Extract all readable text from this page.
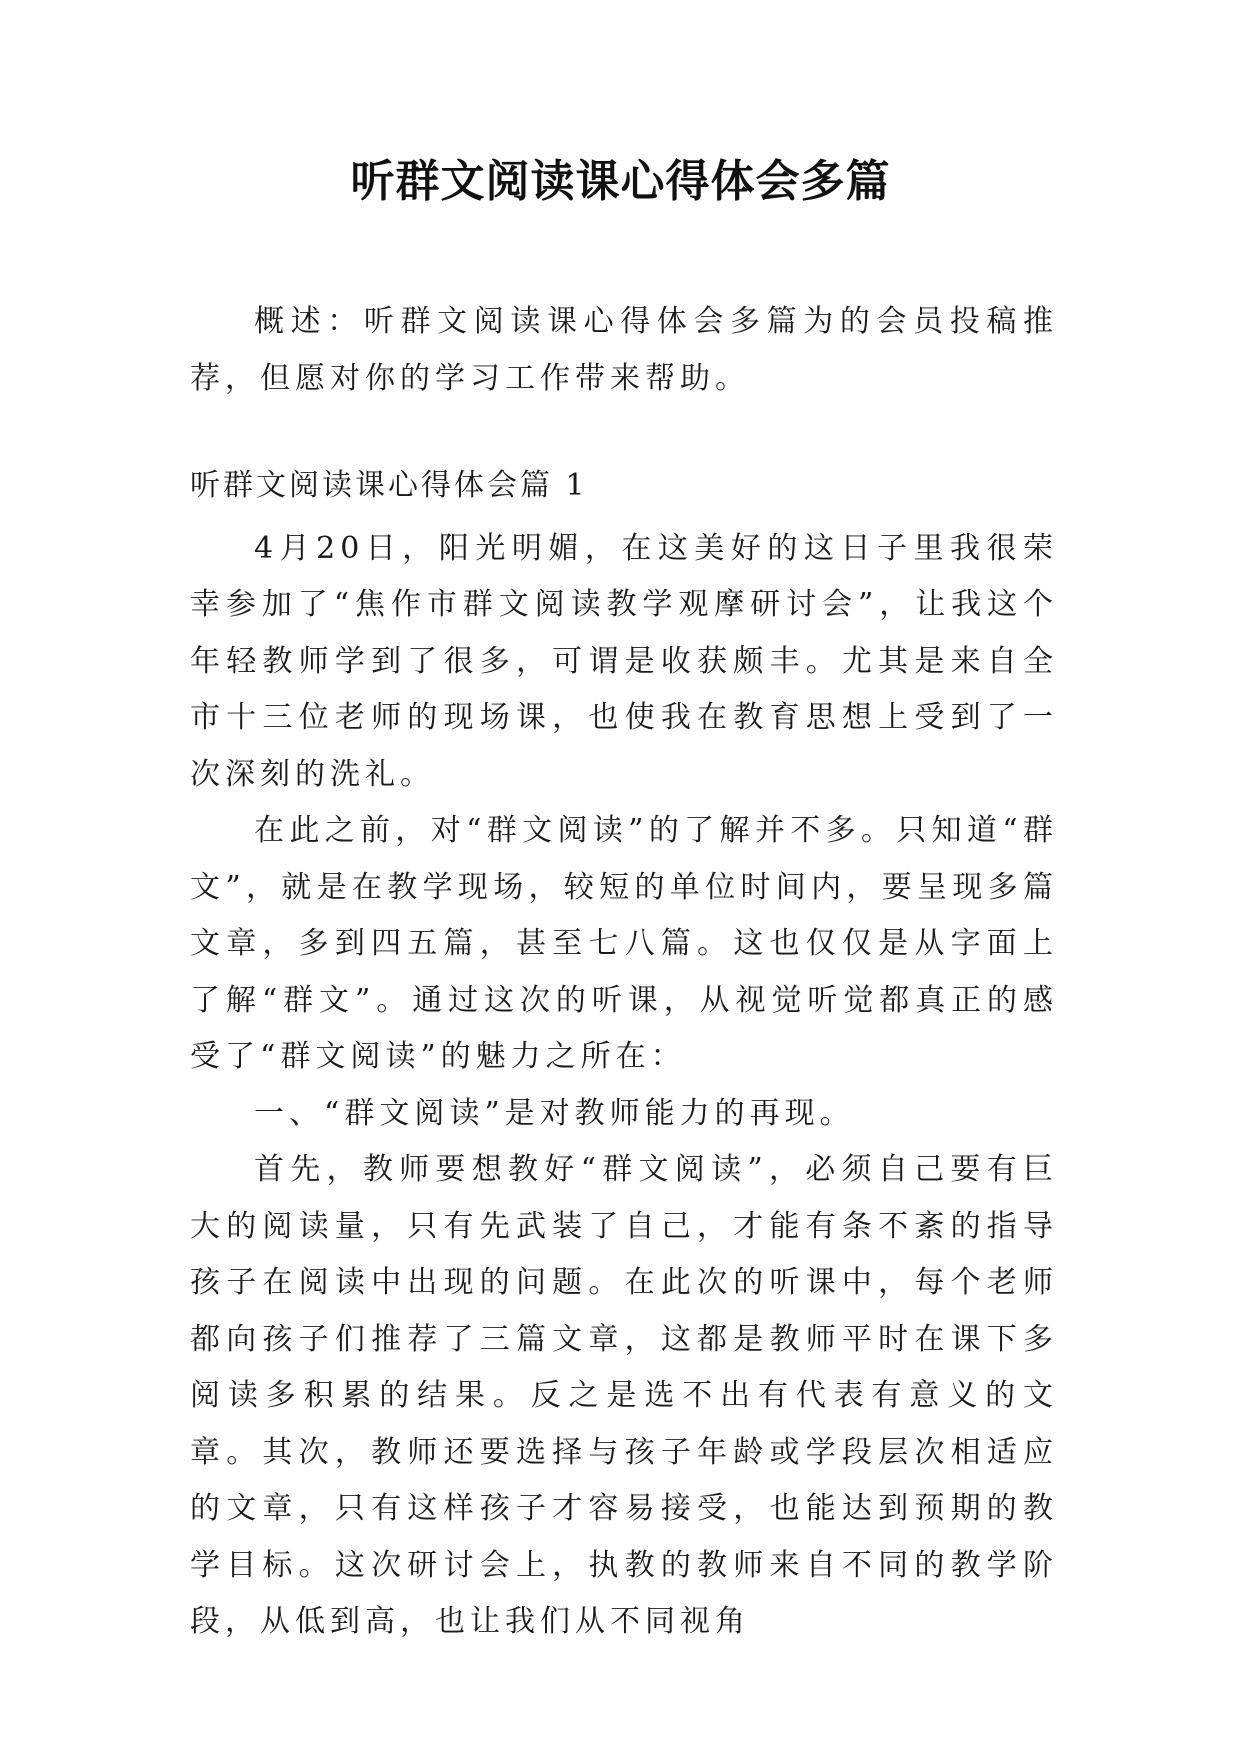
听群文阅读课心得体会多篇

概述：听群文阅读课心得体会多篇为的会员投稿推荐，但愿对你的学习工作带来帮助。

听群文阅读课心得体会篇 1

4月20日，阳光明媚，在这美好的这日子里我很荣幸参加了“焦作市群文阅读教学观摩研讨会”，让我这个年轻教师学到了很多，可谓是收获颇丰。尤其是来自全市十三位老师的现场课，也使我在教育思想上受到了一次深刻的洗礼。

在此之前，对“群文阅读”的了解并不多。只知道“群文”，就是在教学现场，较短的单位时间内，要呈现多篇文章，多到四五篇，甚至七八篇。这也仅仅是从字面上了解“群文”。通过这次的听课，从视觉听觉都真正的感受了“群文阅读”的魅力之所在：

一、“群文阅读”是对教师能力的再现。

首先，教师要想教好“群文阅读”，必须自己要有巨大的阅读量，只有先武装了自己，才能有条不紊的指导孩子在阅读中出现的问题。在此次的听课中，每个老师都向孩子们推荐了三篇文章，这都是教师平时在课下多阅读多积累的结果。反之是选不出有代表有意义的文章。其次，教师还要选择与孩子年龄或学段层次相适应的文章，只有这样孩子才容易接受，也能达到预期的教学目标。这次研讨会上，执教的教师来自不同的教学阶段，从低到高，也让我们从不同视角
